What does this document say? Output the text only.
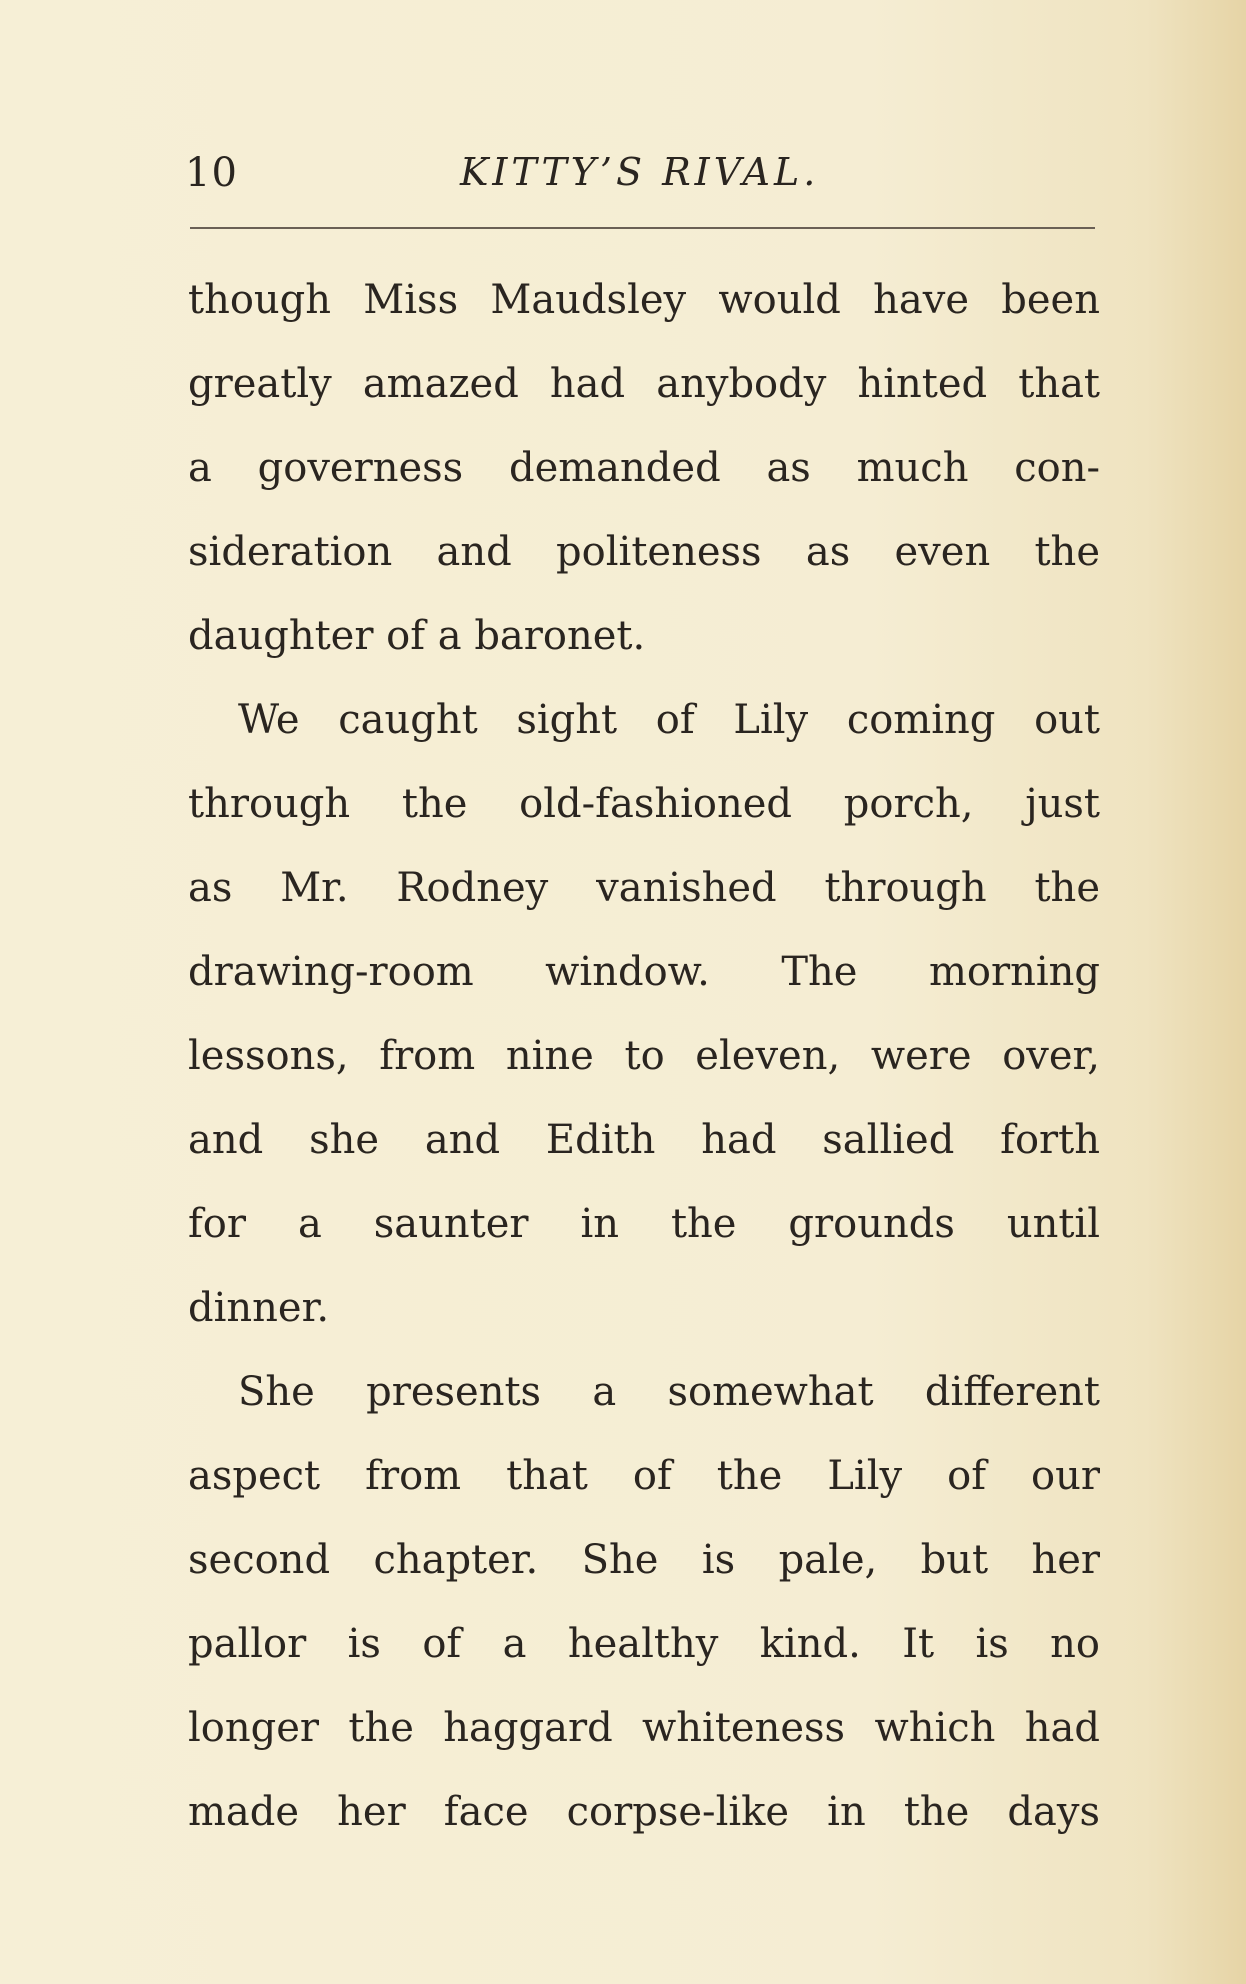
10	KITTY’S RIVAL.
though Miss Maudsley would have been
greatly amazed had anybody hinted that
a governess demanded as much con-
sideration and politeness as even the
daughter of a baronet.
We caught sight of Lily coming out
through the old-fashioned porch, just
as Mr. Rodney vanished through the
drawing-room window. The morning
lessons, from nine to eleven, were over,
and she and Edith had sallied forth
for a saunter in the grounds until
dinner.
She presents a somewhat different
aspect from that of the Lily of our
second chapter. She is pale, but her
pallor is of a healthy kind. It is no
longer the haggard whiteness which had
made her face corpse-like in the days
